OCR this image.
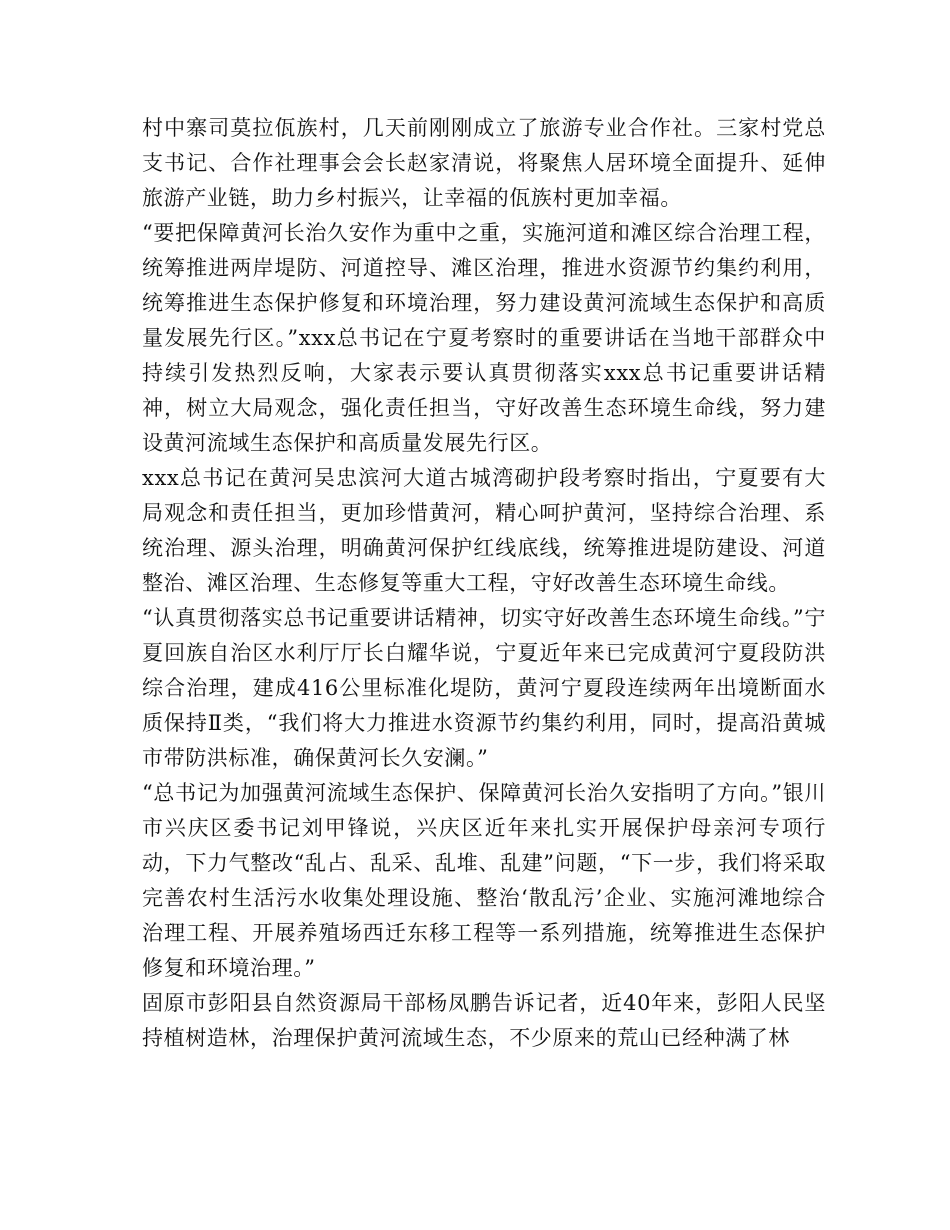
村中寨司莫拉佤族村，几天前刚刚成立了旅游专业合作社。三家村党总支书记、合作社理事会会长赵家清说，将聚焦人居环境全面提升、延伸旅游产业链，助力乡村振兴，让幸福的佤族村更加幸福。

“要把保障黄河长治久安作为重中之重，实施河道和滩区综合治理工程，统筹推进两岸堤防、河道控导、滩区治理，推进水资源节约集约利用，统筹推进生态保护修复和环境治理，努力建设黄河流域生态保护和高质量发展先行区。”xxx总书记在宁夏考察时的重要讲话在当地干部群众中持续引发热烈反响，大家表示要认真贯彻落实xxx总书记重要讲话精神，树立大局观念，强化责任担当，守好改善生态环境生命线，努力建设黄河流域生态保护和高质量发展先行区。

xxx总书记在黄河吴忠滨河大道古城湾砌护段考察时指出，宁夏要有大局观念和责任担当，更加珍惜黄河，精心呵护黄河，坚持综合治理、系统治理、源头治理，明确黄河保护红线底线，统筹推进堤防建设、河道整治、滩区治理、生态修复等重大工程，守好改善生态环境生命线。

“认真贯彻落实总书记重要讲话精神，切实守好改善生态环境生命线。”宁夏回族自治区水利厅厅长白耀华说，宁夏近年来已完成黄河宁夏段防洪综合治理，建成416公里标准化堤防，黄河宁夏段连续两年出境断面水质保持Ⅱ类，“我们将大力推进水资源节约集约利用，同时，提高沿黄城市带防洪标准，确保黄河长久安澜。”

“总书记为加强黄河流域生态保护、保障黄河长治久安指明了方向。”银川市兴庆区委书记刘甲锋说，兴庆区近年来扎实开展保护母亲河专项行动，下力气整改“乱占、乱采、乱堆、乱建”问题，“下一步，我们将采取完善农村生活污水收集处理设施、整治‘散乱污’企业、实施河滩地综合治理工程、开展养殖场西迁东移工程等一系列措施，统筹推进生态保护修复和环境治理。”

固原市彭阳县自然资源局干部杨凤鹏告诉记者，近40年来，彭阳人民坚持植树造林，治理保护黄河流域生态，不少原来的荒山已经种满了林
